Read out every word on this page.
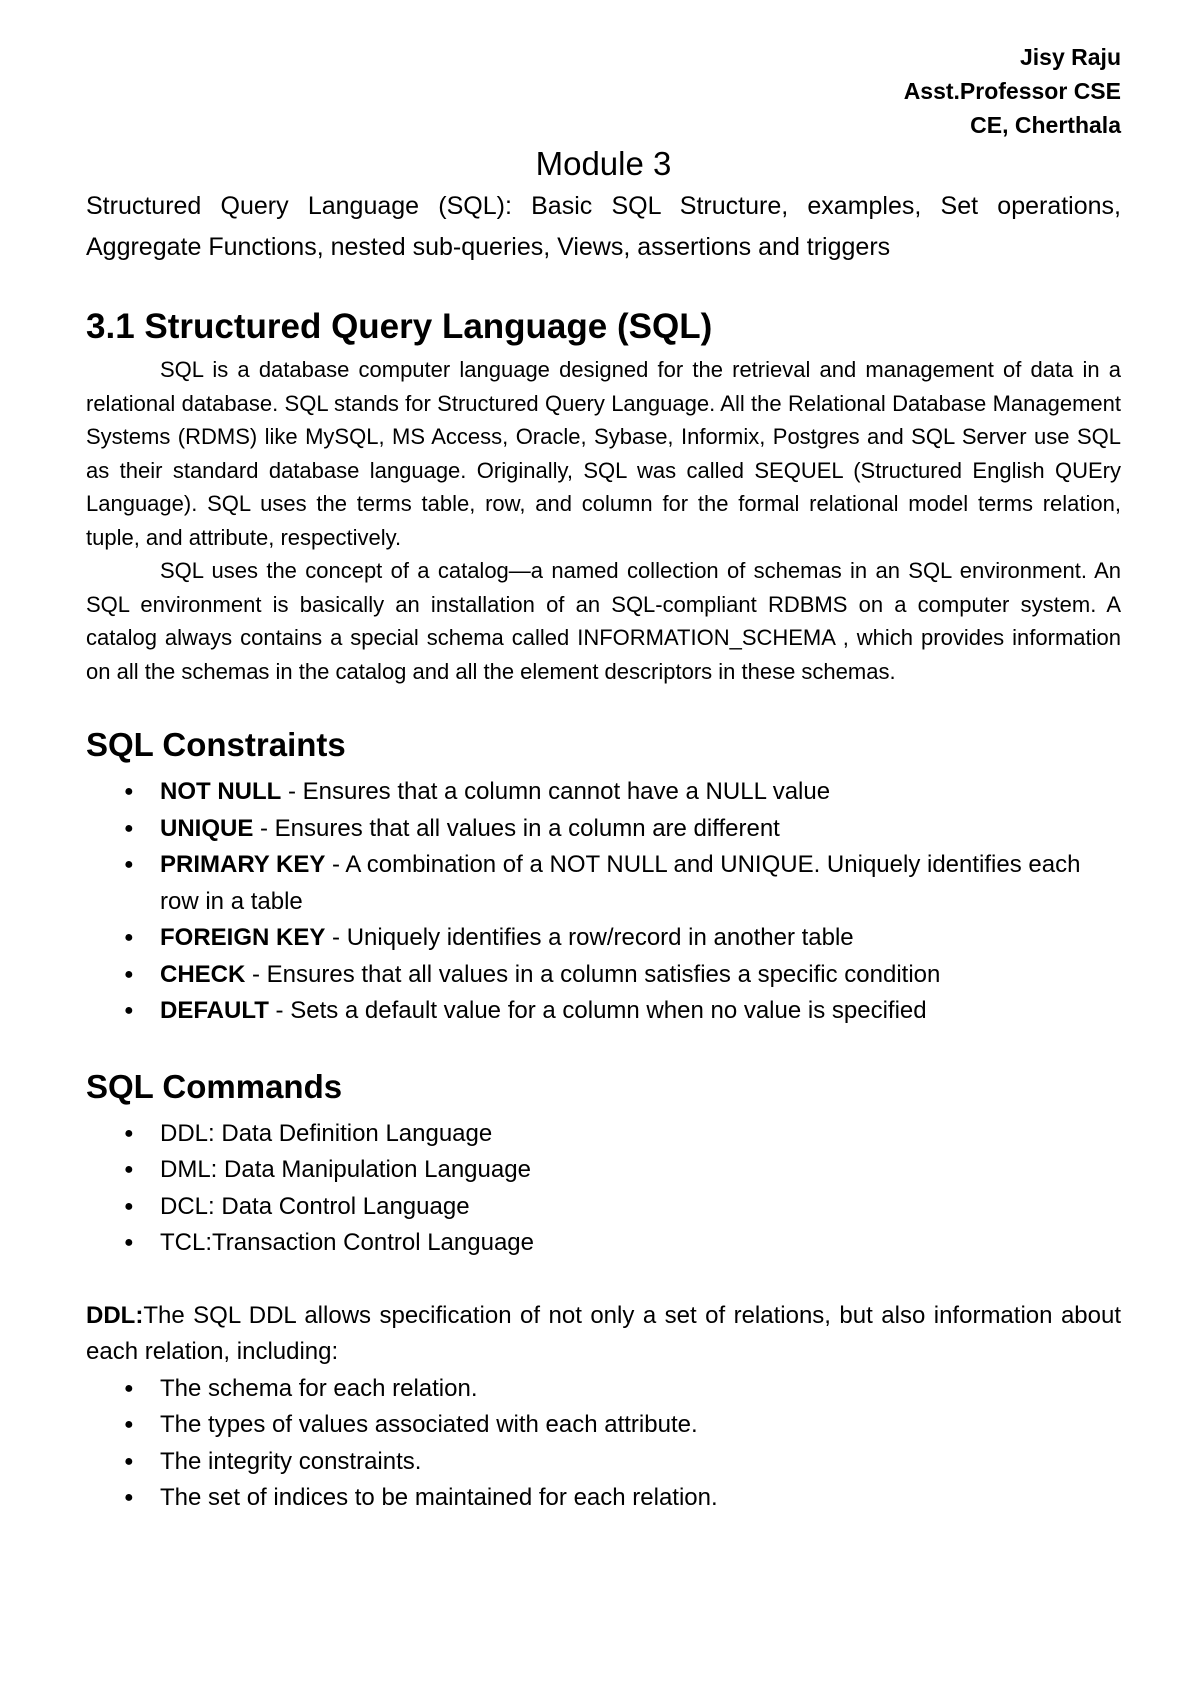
Jisy Raju
Asst.Professor CSE
CE, Cherthala
Module 3

Structured Query Language (SQL): Basic SQL Structure, examples, Set operations, Aggregate Functions, nested sub-queries, Views, assertions and triggers

3.1 Structured Query Language (SQL)

SQL is a database computer language designed for the retrieval and management of data in a relational database. SQL stands for Structured Query Language. All the Relational Database Management Systems (RDMS) like MySQL, MS Access, Oracle, Sybase, Informix, Postgres and SQL Server use SQL as their standard database language. Originally, SQL was called SEQUEL (Structured English QUEry Language). SQL uses the terms table, row, and column for the formal relational model terms relation, tuple, and attribute, respectively.

SQL uses the concept of a catalog—a named collection of schemas in an SQL environment. An SQL environment is basically an installation of an SQL-compliant RDBMS on a computer system. A catalog always contains a special schema called INFORMATION_SCHEMA , which provides information on all the schemas in the catalog and all the element descriptors in these schemas.

SQL Constraints
● NOT NULL - Ensures that a column cannot have a NULL value
● UNIQUE - Ensures that all values in a column are different
● PRIMARY KEY - A combination of a NOT NULL and UNIQUE. Uniquely identifies each row in a table
● FOREIGN KEY - Uniquely identifies a row/record in another table
● CHECK - Ensures that all values in a column satisfies a specific condition
● DEFAULT - Sets a default value for a column when no value is specified
SQL Commands
● DDL: Data Definition Language
● DML: Data Manipulation Language
● DCL: Data Control Language
● TCL:Transaction Control Language

DDL:The SQL DDL allows specification of not only a set of relations, but also information about each relation, including:

● The schema for each relation.
● The types of values associated with each attribute.
● The integrity constraints.
● The set of indices to be maintained for each relation.
